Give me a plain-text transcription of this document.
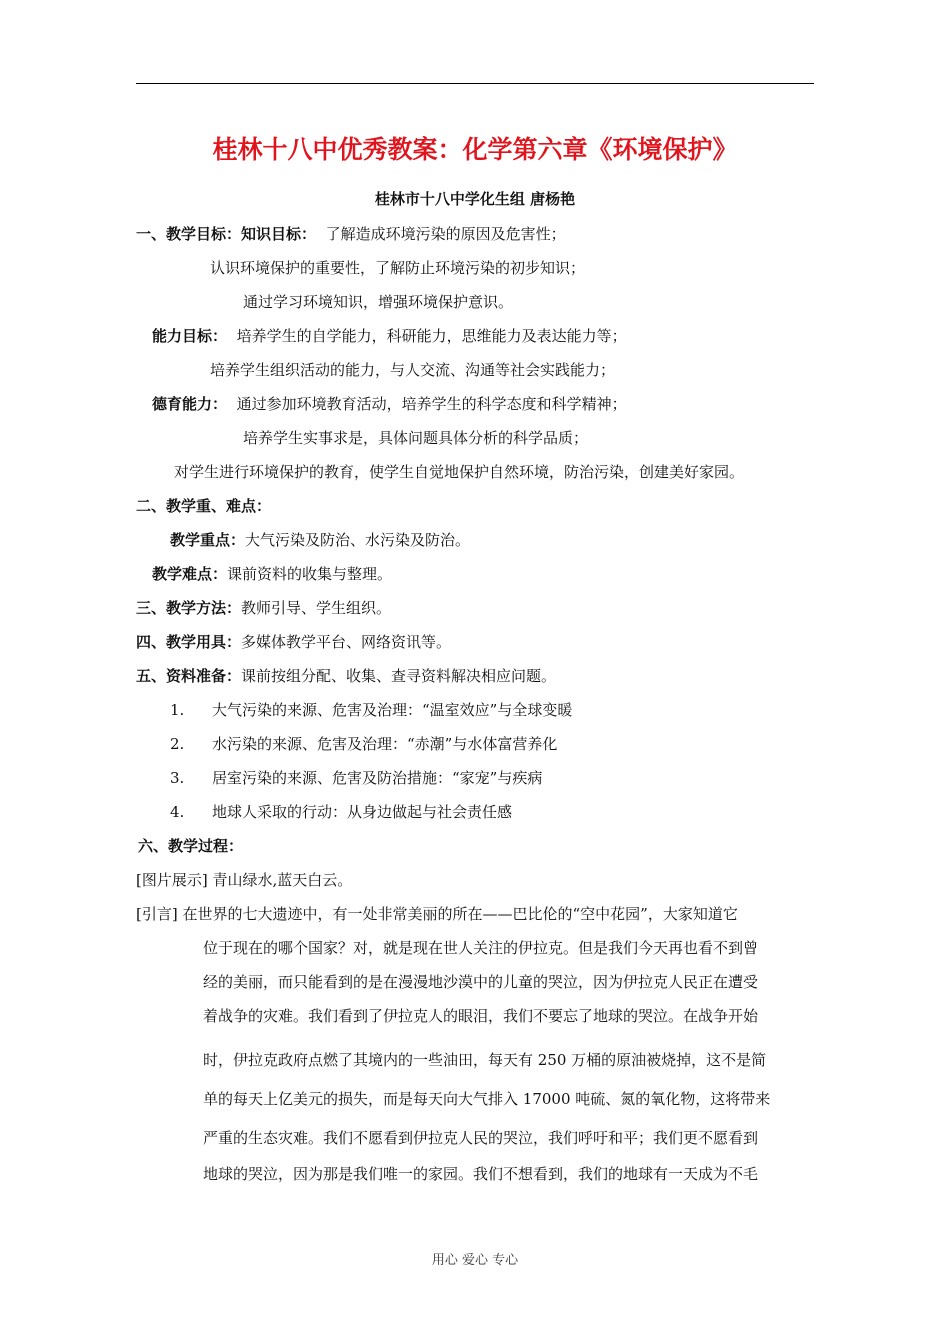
桂林十八中优秀教案：化学第六章《环境保护》
桂林市十八中学化生组 唐杨艳
一、教学目标：知识目标： 了解造成环境污染的原因及危害性；
认识环境保护的重要性，了解防止环境污染的初步知识；
通过学习环境知识，增强环境保护意识。
能力目标： 培养学生的自学能力，科研能力，思维能力及表达能力等；
培养学生组织活动的能力，与人交流、沟通等社会实践能力；
德育能力： 通过参加环境教育活动，培养学生的科学态度和科学精神；
培养学生实事求是，具体问题具体分析的科学品质；
对学生进行环境保护的教育，使学生自觉地保护自然环境，防治污染，创建美好家园。
二、教学重、难点：
教学重点：大气污染及防治、水污染及防治。
教学难点：课前资料的收集与整理。
三、教学方法：教师引导、学生组织。
四、教学用具：多媒体教学平台、网络资讯等。
五、资料准备：课前按组分配、收集、查寻资料解决相应问题。
1. 大气污染的来源、危害及治理：“温室效应”与全球变暖
2. 水污染的来源、危害及治理：“赤潮”与水体富营养化
3. 居室污染的来源、危害及防治措施：“家宠”与疾病
4. 地球人采取的行动：从身边做起与社会责任感
六、教学过程：
[图片展示] 青山绿水,蓝天白云。
[引言] 在世界的七大遗迹中，有一处非常美丽的所在——巴比伦的“空中花园”，大家知道它
位于现在的哪个国家？对，就是现在世人关注的伊拉克。但是我们今天再也看不到曾
经的美丽，而只能看到的是在漫漫地沙漠中的儿童的哭泣，因为伊拉克人民正在遭受
着战争的灾难。我们看到了伊拉克人的眼泪，我们不要忘了地球的哭泣。在战争开始
时，伊拉克政府点燃了其境内的一些油田，每天有 250 万桶的原油被烧掉，这不是简
单的每天上亿美元的损失，而是每天向大气排入 17000 吨硫、氮的氧化物，这将带来
严重的生态灾难。我们不愿看到伊拉克人民的哭泣，我们呼吁和平；我们更不愿看到
地球的哭泣，因为那是我们唯一的家园。我们不想看到，我们的地球有一天成为不毛
用心 爱心 专心
